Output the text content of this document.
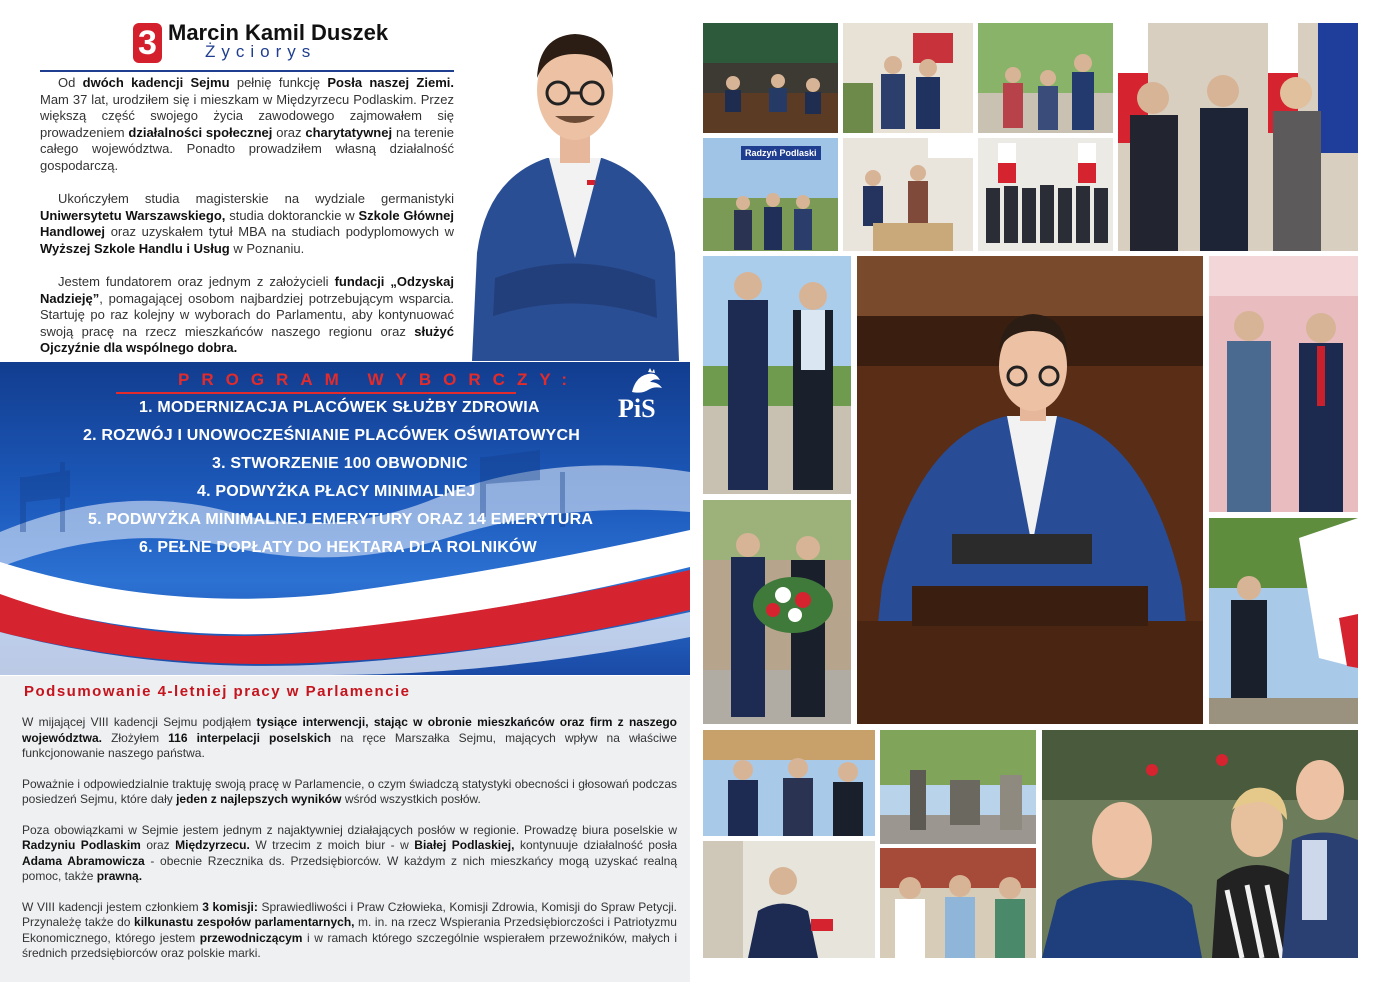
3 Marcin Kamil Duszek
Życiorys

Od dwóch kadencji Sejmu pełnię funkcję Posła naszej Ziemi. Mam 37 lat, urodziłem się i mieszkam w Międzyrzecu Podlaskim. Przez większą część swojego życia zawodowego zajmowałem się prowadzeniem działalności społecznej oraz charytatywnej na terenie całego województwa. Ponadto prowadziłem własną działalność gospodarczą.

Ukończyłem studia magisterskie na wydziale germanistyki Uniwersytetu Warszawskiego, studia doktoranckie w Szkole Głównej Handlowej oraz uzyskałem tytuł MBA na studiach podyplomowych w Wyższej Szkole Handlu i Usług w Poznaniu.

Jestem fundatorem oraz jednym z założycieli fundacji „Odzyskaj Nadzieję”, pomagającej osobom najbardziej potrzebującym wsparcia. Startuję po raz kolejny w wyborach do Parlamentu, aby kontynuować swoją pracę na rzecz mieszkańców naszego regionu oraz służyć Ojczyźnie dla wspólnego dobra.

PROGRAM WYBORCZY:
PiS
1. MODERNIZACJA PLACÓWEK SŁUŻBY ZDROWIA
2. ROZWÓJ I UNOWOCZEŚNIANIE PLACÓWEK OŚWIATOWYCH
3. STWORZENIE 100 OBWODNIC
4. PODWYŻKA PŁACY MINIMALNEJ
5. PODWYŻKA MINIMALNEJ EMERYTURY ORAZ 14 EMERYTURA
6. PEŁNE DOPŁATY DO HEKTARA DLA ROLNIKÓW
Podsumowanie 4-letniej pracy w Parlamencie

W mijającej VIII kadencji Sejmu podjąłem tysiące interwencji, stając w obronie mieszkańców oraz firm z naszego województwa. Złożyłem 116 interpelacji poselskich na ręce Marszałka Sejmu, mających wpływ na właściwe funkcjonowanie naszego państwa.

Poważnie i odpowiedzialnie traktuję swoją pracę w Parlamencie, o czym świadczą statystyki obecności i głosowań podczas posiedzeń Sejmu, które dały jeden z najlepszych wyników wśród wszystkich posłów.

Poza obowiązkami w Sejmie jestem jednym z najaktywniej działających posłów w regionie. Prowadzę biura poselskie w Radzyniu Podlaskim oraz Międzyrzecu. W trzecim z moich biur - w Białej Podlaskiej, kontynuuje działalność posła Adama Abramowicza - obecnie Rzecznika ds. Przedsiębiorców. W każdym z nich mieszkańcy mogą uzyskać realną pomoc, także prawną.

W VIII kadencji jestem członkiem 3 komisji: Sprawiedliwości i Praw Człowieka, Komisji Zdrowia, Komisji do Spraw Petycji. Przynależę także do kilkunastu zespołów parlamentarnych, m. in. na rzecz Wspierania Przedsiębiorczości i Patriotyzmu Ekonomicznego, którego jestem przewodniczącym i w ramach którego szczególnie wspierałem przewoźników, małych i średnich przedsiębiorców oraz polskie marki.

Radzyń Podlaski
